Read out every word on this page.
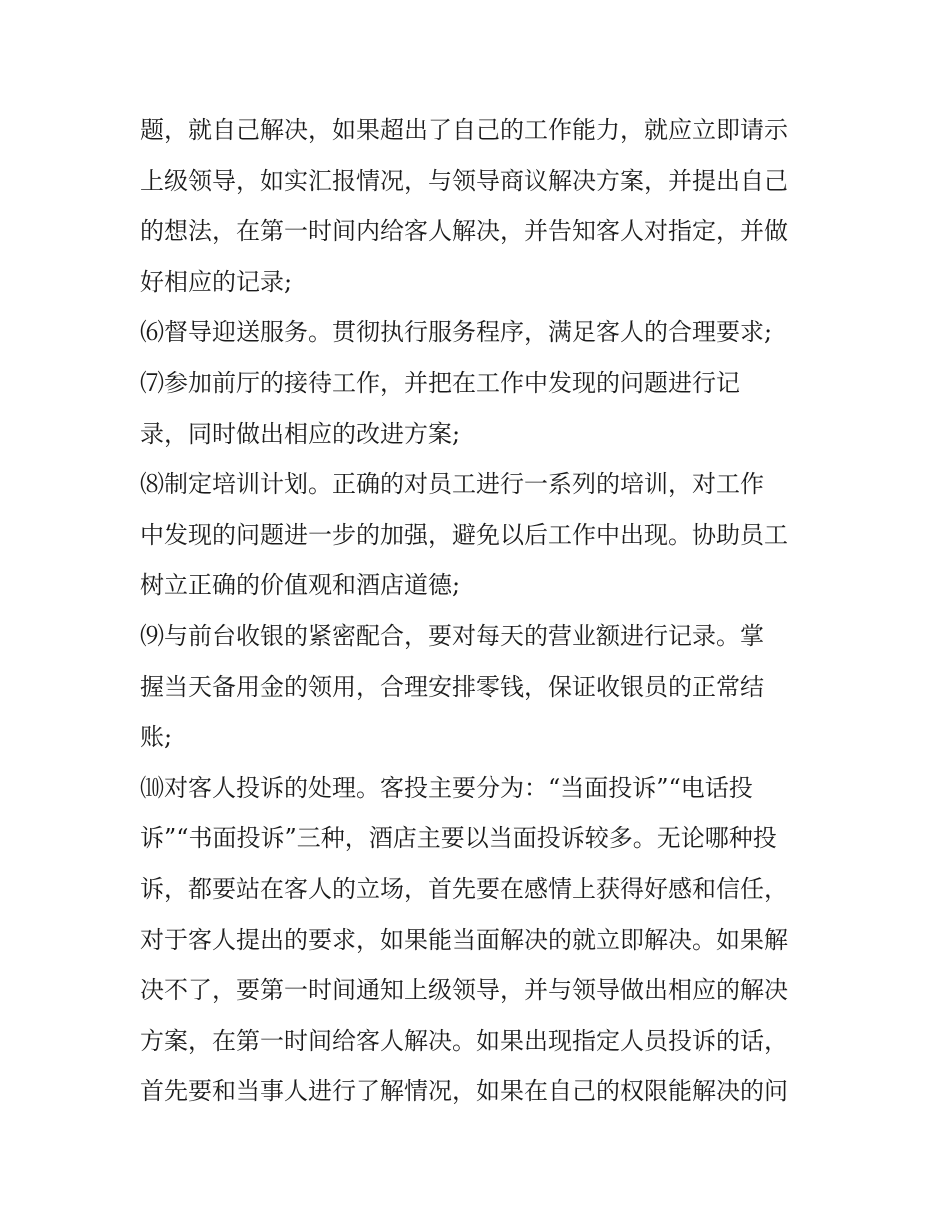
题，就自己解决，如果超出了自己的工作能力，就应立即请示
上级领导，如实汇报情况，与领导商议解决方案，并提出自己
的想法，在第一时间内给客人解决，并告知客人对指定，并做
好相应的记录;
⑹督导迎送服务。贯彻执行服务程序，满足客人的合理要求;
⑺参加前厅的接待工作，并把在工作中发现的问题进行记
录，同时做出相应的改进方案;
⑻制定培训计划。正确的对员工进行一系列的培训，对工作
中发现的问题进一步的加强，避免以后工作中出现。协助员工
树立正确的价值观和酒店道德;
⑼与前台收银的紧密配合，要对每天的营业额进行记录。掌
握当天备用金的领用，合理安排零钱，保证收银员的正常结
账;
⑽对客人投诉的处理。客投主要分为：“当面投诉”“电话投
诉”“书面投诉”三种，酒店主要以当面投诉较多。无论哪种投
诉，都要站在客人的立场，首先要在感情上获得好感和信任，
对于客人提出的要求，如果能当面解决的就立即解决。如果解
决不了，要第一时间通知上级领导，并与领导做出相应的解决
方案，在第一时间给客人解决。如果出现指定人员投诉的话，
首先要和当事人进行了解情况，如果在自己的权限能解决的问
